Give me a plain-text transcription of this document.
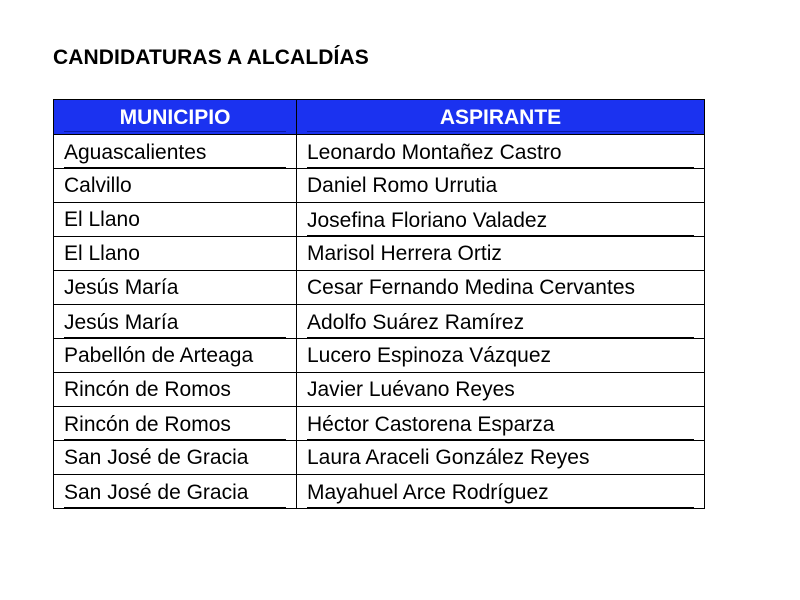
CANDIDATURAS A ALCALDÍAS
MUNICIPIO	ASPIRANTE

Aguascalientes	Leonardo Montañez Castro

Calvillo	Daniel Romo Urrutia

El Llano	Josefina Floriano Valadez

El Llano	Marisol Herrera Ortiz

Jesús María	Cesar Fernando Medina Cervantes

Jesús María	Adolfo Suárez Ramírez

Pabellón de Arteaga	Lucero Espinoza Vázquez

Rincón de Romos	Javier Luévano Reyes

Rincón de Romos	Héctor Castorena Esparza

San José de Gracia	Laura Araceli González Reyes

San José de Gracia	Mayahuel Arce Rodríguez
